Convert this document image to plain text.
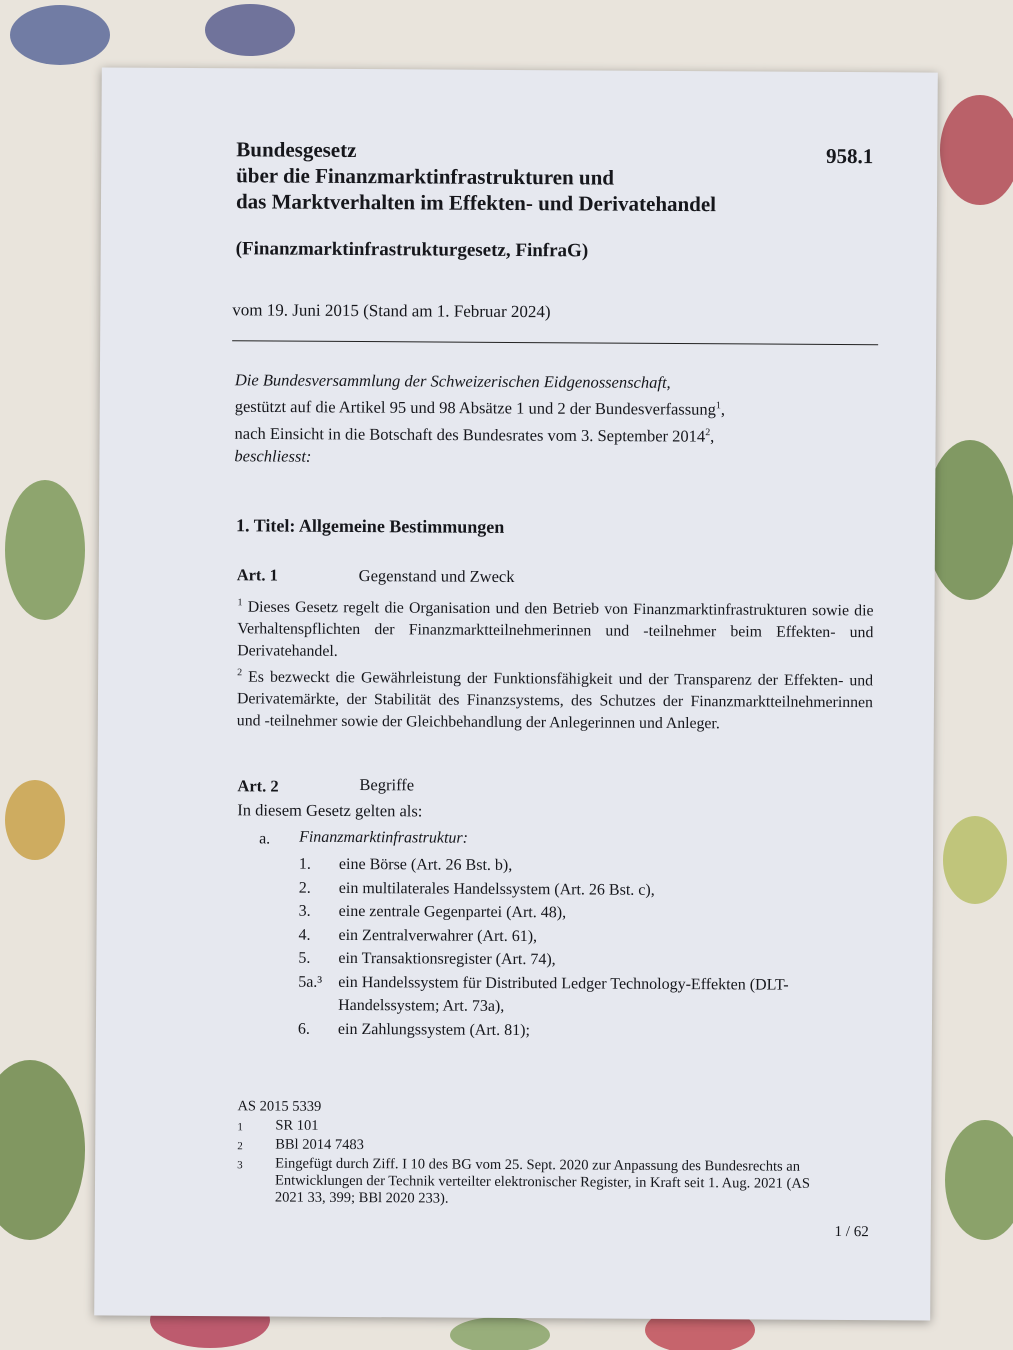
Bundesgesetz
über die Finanzmarktinfrastrukturen und
das Marktverhalten im Effekten- und Derivatehandel
958.1
(Finanzmarktinfrastrukturgesetz, FinfraG)
vom 19. Juni 2015 (Stand am 1. Februar 2024)
Die Bundesversammlung der Schweizerischen Eidgenossenschaft,
gestützt auf die Artikel 95 und 98 Absätze 1 und 2 der Bundesverfassung$^1$,
nach Einsicht in die Botschaft des Bundesrates vom 3. September 2014$^2$,
beschliesst:
1. Titel: Allgemeine Bestimmungen
Art. 1	Gegenstand und Zweck
$^1$ Dieses Gesetz regelt die Organisation und den Betrieb von Finanzmarktinfrastrukturen sowie die Verhaltenspflichten der Finanzmarktteilnehmerinnen und -teilnehmer beim Effekten- und Derivatehandel.
$^2$ Es bezweckt die Gewährleistung der Funktionsfähigkeit und der Transparenz der Effekten- und Derivatemärkte, der Stabilität des Finanzsystems, des Schutzes der Finanzmarktteilnehmerinnen und -teilnehmer sowie der Gleichbehandlung der Anlegerinnen und Anleger.
Art. 2	Begriffe
In diesem Gesetz gelten als:
a. Finanzmarktinfrastruktur:
1.	eine Börse (Art. 26 Bst. b),
2.	ein multilaterales Handelssystem (Art. 26 Bst. c),
3.	eine zentrale Gegenpartei (Art. 48),
4.	ein Zentralverwahrer (Art. 61),
5.	ein Transaktionsregister (Art. 74),
5a.³ ein Handelssystem für Distributed Ledger Technology-Effekten (DLT-Handelssystem; Art. 73a),
6.	ein Zahlungssystem (Art. 81);
AS 2015 5339
1	SR 101
2	BBl 2014 7483
3	Eingefügt durch Ziff. I 10 des BG vom 25. Sept. 2020 zur Anpassung des Bundesrechts an Entwicklungen der Technik verteilter elektronischer Register, in Kraft seit 1. Aug. 2021 (AS 2021 33, 399; BBl 2020 233).
1 / 62
